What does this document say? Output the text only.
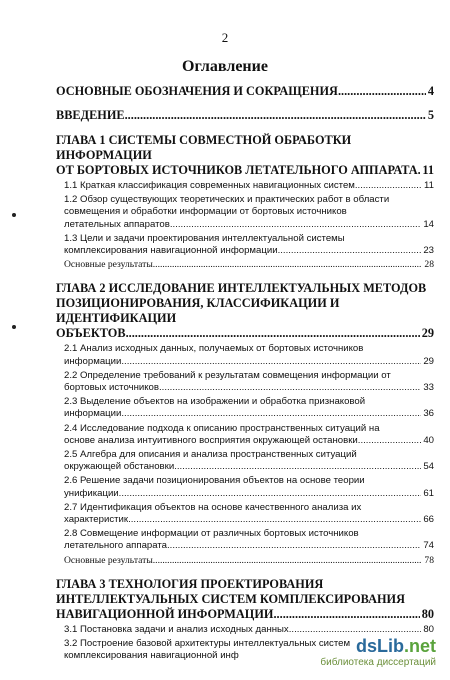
2
Оглавление
ОСНОВНЫЕ ОБОЗНАЧЕНИЯ И СОКРАЩЕНИЯ .....	4
ВВЕДЕНИЕ .....	5
ГЛАВА 1 СИСТЕМЫ СОВМЕСТНОЙ ОБРАБОТКИ ИНФОРМАЦИИ
ОТ БОРТОВЫХ ИСТОЧНИКОВ ЛЕТАТЕЛЬНОГО АППАРАТА ..... 11
1.1 Краткая классификация современных навигационных систем .....	11
1.2 Обзор существующих теоретических и практических работ в области
совмещения и обработки информации от бортовых источников
летательных аппаратов .....	14
1.3 Цели и задачи проектирования интеллектуальной системы
комплексирования навигационной информации .....	23
Основные результаты .....	28
ГЛАВА 2 ИССЛЕДОВАНИЕ ИНТЕЛЛЕКТУАЛЬНЫХ МЕТОДОВ
ПОЗИЦИОНИРОВАНИЯ, КЛАССИФИКАЦИИ И ИДЕНТИФИКАЦИИ
ОБЪЕКТОВ .....	29
2.1 Анализ исходных данных, получаемых от бортовых источников
информации .....	29
2.2 Определение требований к результатам совмещения информации от
бортовых источников .....	33
2.3 Выделение объектов на изображении и обработка признаковой
информации .....	36
2.4 Исследование подхода к описанию пространственных ситуаций на
основе анализа интуитивного восприятия окружающей остановки .....	40
2.5 Алгебра для описания и анализа пространственных ситуаций
окружающей обстановки .....	54
2.6 Решение задачи позиционирования объектов на основе теории
унификации .....	61
2.7 Идентификация объектов на основе качественного анализа их
характеристик .....	66
2.8 Совмещение информации от различных бортовых источников
летательного аппарата .....	74
Основные результаты .....	78
ГЛАВА 3 ТЕХНОЛОГИЯ ПРОЕКТИРОВАНИЯ
ИНТЕЛЛЕКТУАЛЬНЫХ СИСТЕМ КОМПЛЕКСИРОВАНИЯ
НАВИГАЦИОННОЙ ИНФОРМАЦИИ .....	80
3.1 Постановка задачи и анализ исходных данных .....	80
3.2 Построение базовой архитектуры интеллектуальных систем
комплексирования навигационной инф	dsLib.net
библиотека диссертаций
